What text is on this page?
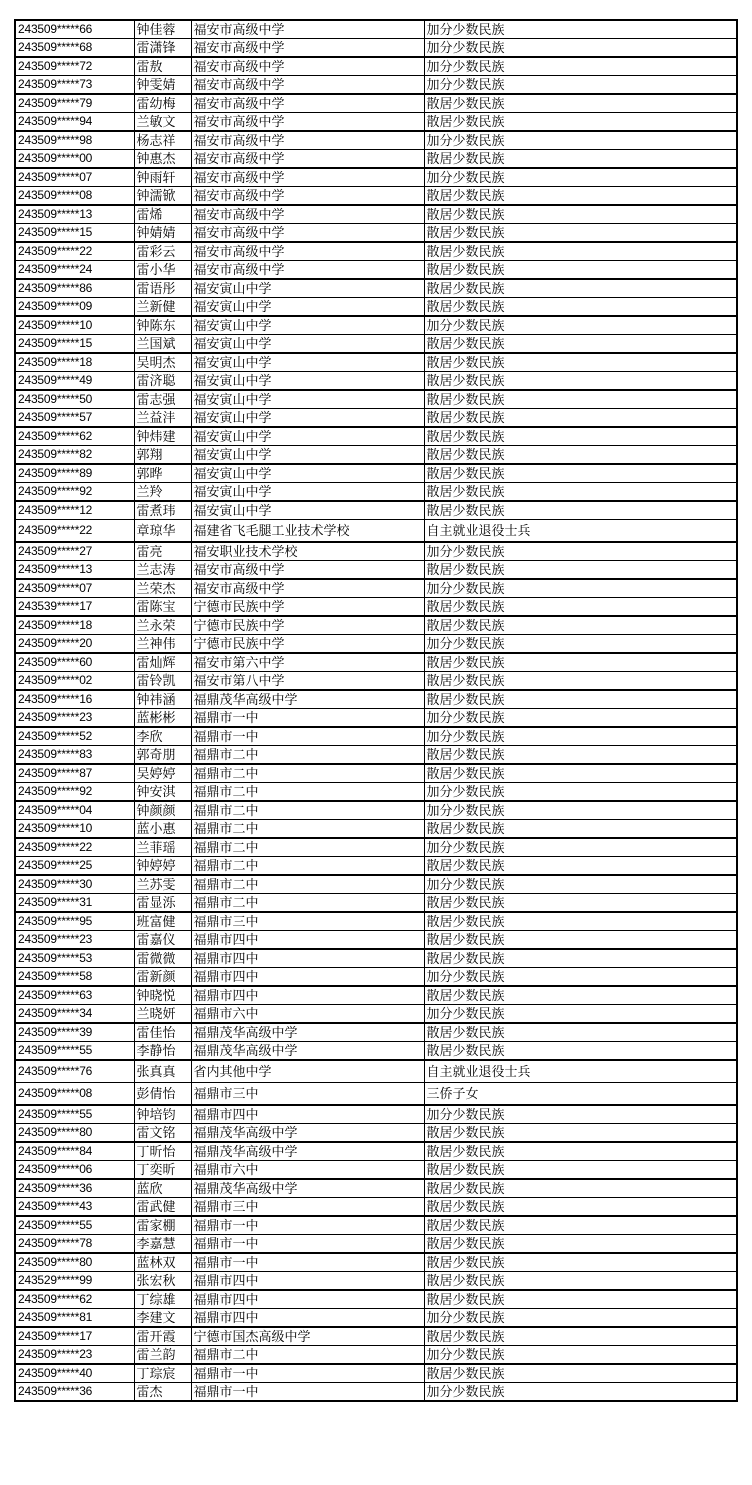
243509*****66	钟佳蓉	福安市高级中学	加分少数民族
243509*****68	雷潇锋	福安市高级中学	加分少数民族
243509*****72	雷敖	福安市高级中学	加分少数民族
243509*****73	钟雯婧	福安市高级中学	加分少数民族
243509*****79	雷幼梅	福安市高级中学	散居少数民族
243509*****94	兰敏文	福安市高级中学	散居少数民族
243509*****98	杨志祥	福安市高级中学	加分少数民族
243509*****00	钟惠杰	福安市高级中学	散居少数民族
243509*****07	钟雨轩	福安市高级中学	加分少数民族
243509*****08	钟濡锨	福安市高级中学	散居少数民族
243509*****13	雷烯	福安市高级中学	散居少数民族
243509*****15	钟婧婧	福安市高级中学	散居少数民族
243509*****22	雷彩云	福安市高级中学	散居少数民族
243509*****24	雷小华	福安市高级中学	散居少数民族
243509*****86	雷语彤	福安寅山中学	散居少数民族
243509*****09	兰新健	福安寅山中学	散居少数民族
243509*****10	钟陈东	福安寅山中学	加分少数民族
243509*****15	兰国斌	福安寅山中学	散居少数民族
243509*****18	吴明杰	福安寅山中学	散居少数民族
243509*****49	雷济聪	福安寅山中学	散居少数民族
243509*****50	雷志强	福安寅山中学	散居少数民族
243509*****57	兰益沣	福安寅山中学	散居少数民族
243509*****62	钟炜建	福安寅山中学	散居少数民族
243509*****82	郭翔	福安寅山中学	散居少数民族
243509*****89	郭晔	福安寅山中学	散居少数民族
243509*****92	兰羚	福安寅山中学	散居少数民族
243509*****12	雷煮玮	福安寅山中学	散居少数民族
243509*****22	章琼华	福建省飞毛腿工业技术学校	自主就业退役士兵
243509*****27	雷亮	福安职业技术学校	加分少数民族
243509*****13	兰志涛	福安市高级中学	散居少数民族
243509*****07	兰荣杰	福安市高级中学	加分少数民族
243539*****17	雷陈宝	宁德市民族中学	散居少数民族
243509*****18	兰永荣	宁德市民族中学	散居少数民族
243509*****20	兰神伟	宁德市民族中学	加分少数民族
243509*****60	雷灿辉	福安市第六中学	散居少数民族
243509*****02	雷铃凯	福安市第八中学	散居少数民族
243509*****16	钟祎涵	福鼎茂华高级中学	散居少数民族
243509*****23	蓝彬彬	福鼎市一中	加分少数民族
243509*****52	李欣	福鼎市一中	加分少数民族
243509*****83	郭奇朋	福鼎市二中	散居少数民族
243509*****87	吴婷婷	福鼎市二中	散居少数民族
243509*****92	钟安淇	福鼎市二中	加分少数民族
243509*****04	钟颜颜	福鼎市二中	加分少数民族
243509*****10	蓝小惠	福鼎市二中	散居少数民族
243509*****22	兰菲瑶	福鼎市二中	加分少数民族
243509*****25	钟婷婷	福鼎市二中	散居少数民族
243509*****30	兰苏雯	福鼎市二中	加分少数民族
243509*****31	雷显泺	福鼎市二中	散居少数民族
243509*****95	班富健	福鼎市三中	散居少数民族
243509*****23	雷嘉仪	福鼎市四中	散居少数民族
243509*****53	雷微微	福鼎市四中	散居少数民族
243509*****58	雷新颜	福鼎市四中	加分少数民族
243509*****63	钟晓悦	福鼎市四中	散居少数民族
243509*****34	兰晓妍	福鼎市六中	加分少数民族
243509*****39	雷佳怡	福鼎茂华高级中学	散居少数民族
243509*****55	李静怡	福鼎茂华高级中学	散居少数民族
243509*****76	张真真	省内其他中学	自主就业退役士兵
243509*****08	彭倩怡	福鼎市三中	三侨子女
243509*****55	钟培钧	福鼎市四中	加分少数民族
243509*****80	雷文铭	福鼎茂华高级中学	散居少数民族
243509*****84	丁昕怡	福鼎茂华高级中学	散居少数民族
243509*****06	丁奕昕	福鼎市六中	散居少数民族
243509*****36	蓝欣	福鼎茂华高级中学	散居少数民族
243509*****43	雷武健	福鼎市三中	散居少数民族
243509*****55	雷家棚	福鼎市一中	散居少数民族
243509*****78	李嘉慧	福鼎市一中	散居少数民族
243509*****80	蓝林双	福鼎市一中	散居少数民族
243529*****99	张宏秋	福鼎市四中	散居少数民族
243509*****62	丁综雄	福鼎市四中	散居少数民族
243509*****81	李建文	福鼎市四中	加分少数民族
243509*****17	雷开霞	宁德市国杰高级中学	散居少数民族
243509*****23	雷兰韵	福鼎市二中	加分少数民族
243509*****40	丁琮宸	福鼎市一中	散居少数民族
243509*****36	雷杰	福鼎市一中	加分少数民族
